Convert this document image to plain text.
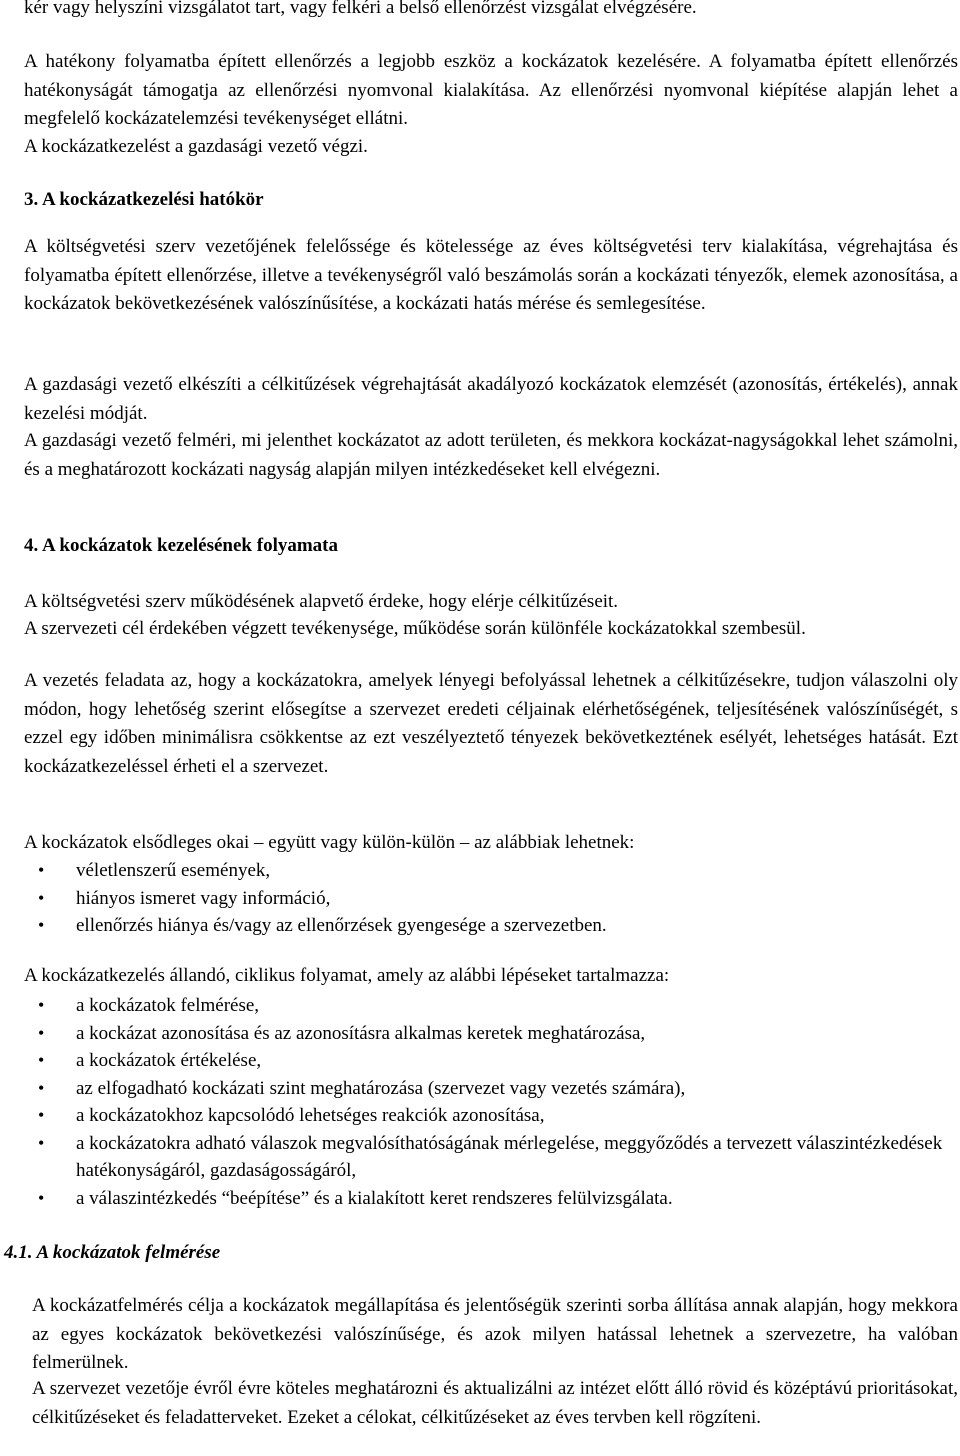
kér vagy helyszíni vizsgálatot tart, vagy felkéri a belső ellenőrzést vizsgálat elvégzésére.
A hatékony folyamatba épített ellenőrzés a legjobb eszköz a kockázatok kezelésére. A folyamatba épített ellenőrzés hatékonyságát támogatja az ellenőrzési nyomvonal kialakítása. Az ellenőrzési nyomvonal kiépítése alapján lehet a megfelelő kockázatelemzési tevékenységet ellátni.
A kockázatkezelést a gazdasági vezető végzi.
3. A kockázatkezelési hatókör
A költségvetési szerv vezetőjének felelőssége és kötelessége az éves költségvetési terv kialakítása, végrehajtása és folyamatba épített ellenőrzése, illetve a tevékenységről való beszámolás során a kockázati tényezők, elemek azonosítása, a kockázatok bekövetkezésének valószínűsítése, a kockázati hatás mérése és semlegesítése.
A gazdasági vezető elkészíti a célkitűzések végrehajtását akadályozó kockázatok elemzését (azonosítás, értékelés), annak kezelési módját.
A gazdasági vezető felméri, mi jelenthet kockázatot az adott területen, és mekkora kockázat-nagyságokkal lehet számolni, és a meghatározott kockázati nagyság alapján milyen intézkedéseket kell elvégezni.
4. A kockázatok kezelésének folyamata
A költségvetési szerv működésének alapvető érdeke, hogy elérje célkitűzéseit.
A szervezeti cél érdekében végzett tevékenysége, működése során különféle kockázatokkal szembesül.
A vezetés feladata az, hogy a kockázatokra, amelyek lényegi befolyással lehetnek a célkitűzésekre, tudjon válaszolni oly módon, hogy lehetőség szerint elősegítse a szervezet eredeti céljainak elérhetőségének, teljesítésének valószínűségét, s ezzel egy időben minimálisra csökkentse az ezt veszélyeztető tényezek bekövetkeztének esélyét, lehetséges hatását. Ezt kockázatkezeléssel érheti el a szervezet.
A kockázatok elsődleges okai – együtt vagy külön-külön – az alábbiak lehetnek:
• véletlenszerű események,
• hiányos ismeret vagy információ,
• ellenőrzés hiánya és/vagy az ellenőrzések gyengesége a szervezetben.
A kockázatkezelés állandó, ciklikus folyamat, amely az alábbi lépéseket tartalmazza:
• a kockázatok felmérése,
• a kockázat azonosítása és az azonosításra alkalmas keretek meghatározása,
• a kockázatok értékelése,
• az elfogadható kockázati szint meghatározása (szervezet vagy vezetés számára),
• a kockázatokhoz kapcsolódó lehetséges reakciók azonosítása,
• a kockázatokra adható válaszok megvalósíthatóságának mérlegelése, meggyőződés a tervezett válaszintézkedések hatékonyságáról, gazdaságosságáról,
• a válaszintézkedés “beépítése” és a kialakított keret rendszeres felülvizsgálata.
4.1. A kockázatok felmérése
A kockázatfelmérés célja a kockázatok megállapítása és jelentőségük szerinti sorba állítása annak alapján, hogy mekkora az egyes kockázatok bekövetkezési valószínűsége, és azok milyen hatással lehetnek a szervezetre, ha valóban felmerülnek.
A szervezet vezetője évről évre köteles meghatározni és aktualizálni az intézet előtt álló rövid és középtávú prioritásokat, célkitűzéseket és feladatterveket. Ezeket a célokat, célkitűzéseket az éves tervben kell rögzíteni.
